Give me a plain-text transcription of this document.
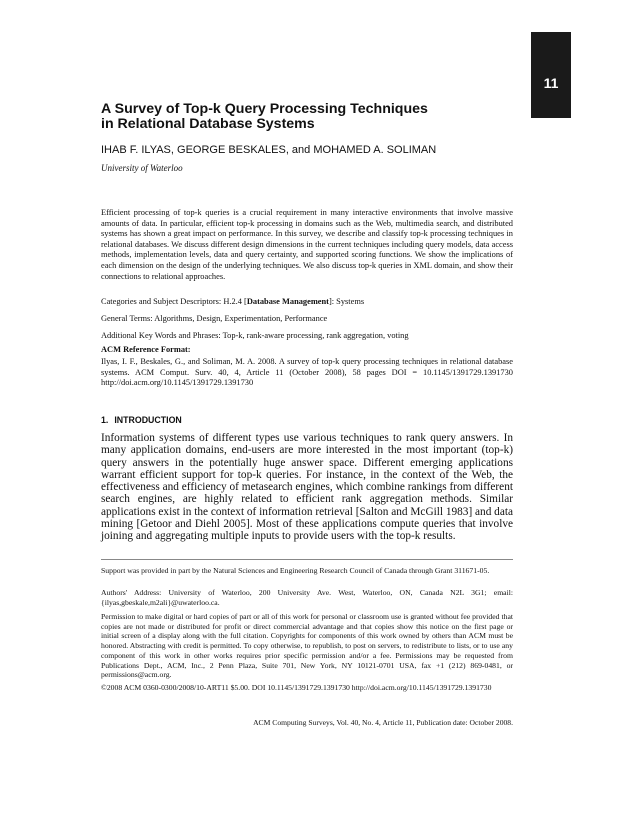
11
A Survey of Top-k Query Processing Techniques
in Relational Database Systems
IHAB F. ILYAS, GEORGE BESKALES, and MOHAMED A. SOLIMAN
University of Waterloo

Efficient processing of top-k queries is a crucial requirement in many interactive environments that involve massive amounts of data. In particular, efficient top-k processing in domains such as the Web, multimedia search, and distributed systems has shown a great impact on performance. In this survey, we describe and classify top-k processing techniques in relational databases. We discuss different design dimensions in the current techniques including query models, data access methods, implementation levels, data and query certainty, and supported scoring functions. We show the implications of each dimension on the design of the underlying techniques. We also discuss top-k queries in XML domain, and show their connections to relational approaches.

Categories and Subject Descriptors: H.2.4 [Database Management]: Systems
General Terms: Algorithms, Design, Experimentation, Performance
Additional Key Words and Phrases: Top-k, rank-aware processing, rank aggregation, voting
ACM Reference Format:

Ilyas, I. F., Beskales, G., and Soliman, M. A. 2008. A survey of top-k query processing techniques in relational database systems. ACM Comput. Surv. 40, 4, Article 11 (October 2008), 58 pages DOI = 10.1145/1391729.1391730 http://doi.acm.org/10.1145/1391729.1391730

1. INTRODUCTION

Information systems of different types use various techniques to rank query answers. In many application domains, end-users are more interested in the most important (top-k) query answers in the potentially huge answer space. Different emerging applications warrant efficient support for top-k queries. For instance, in the context of the Web, the effectiveness and efficiency of metasearch engines, which combine rankings from different search engines, are highly related to efficient rank aggregation methods. Similar applications exist in the context of information retrieval [Salton and McGill 1983] and data mining [Getoor and Diehl 2005]. Most of these applications compute queries that involve joining and aggregating multiple inputs to provide users with the top-k results.

Support was provided in part by the Natural Sciences and Engineering Research Council of Canada through Grant 311671-05.

Authors' Address: University of Waterloo, 200 University Ave. West, Waterloo, ON, Canada N2L 3G1; email: {ilyas,gbeskale,m2ali}@uwaterloo.ca.

Permission to make digital or hard copies of part or all of this work for personal or classroom use is granted without fee provided that copies are not made or distributed for profit or direct commercial advantage and that copies show this notice on the first page or initial screen of a display along with the full citation. Copyrights for components of this work owned by others than ACM must be honored. Abstracting with credit is permitted. To copy otherwise, to republish, to post on servers, to redistribute to lists, or to use any component of this work in other works requires prior specific permission and/or a fee. Permissions may be requested from Publications Dept., ACM, Inc., 2 Penn Plaza, Suite 701, New York, NY 10121-0701 USA, fax +1 (212) 869-0481, or permissions@acm.org.

©2008 ACM 0360-0300/2008/10-ART11 $5.00. DOI 10.1145/1391729.1391730 http://doi.acm.org/10.1145/1391729.1391730

ACM Computing Surveys, Vol. 40, No. 4, Article 11, Publication date: October 2008.
